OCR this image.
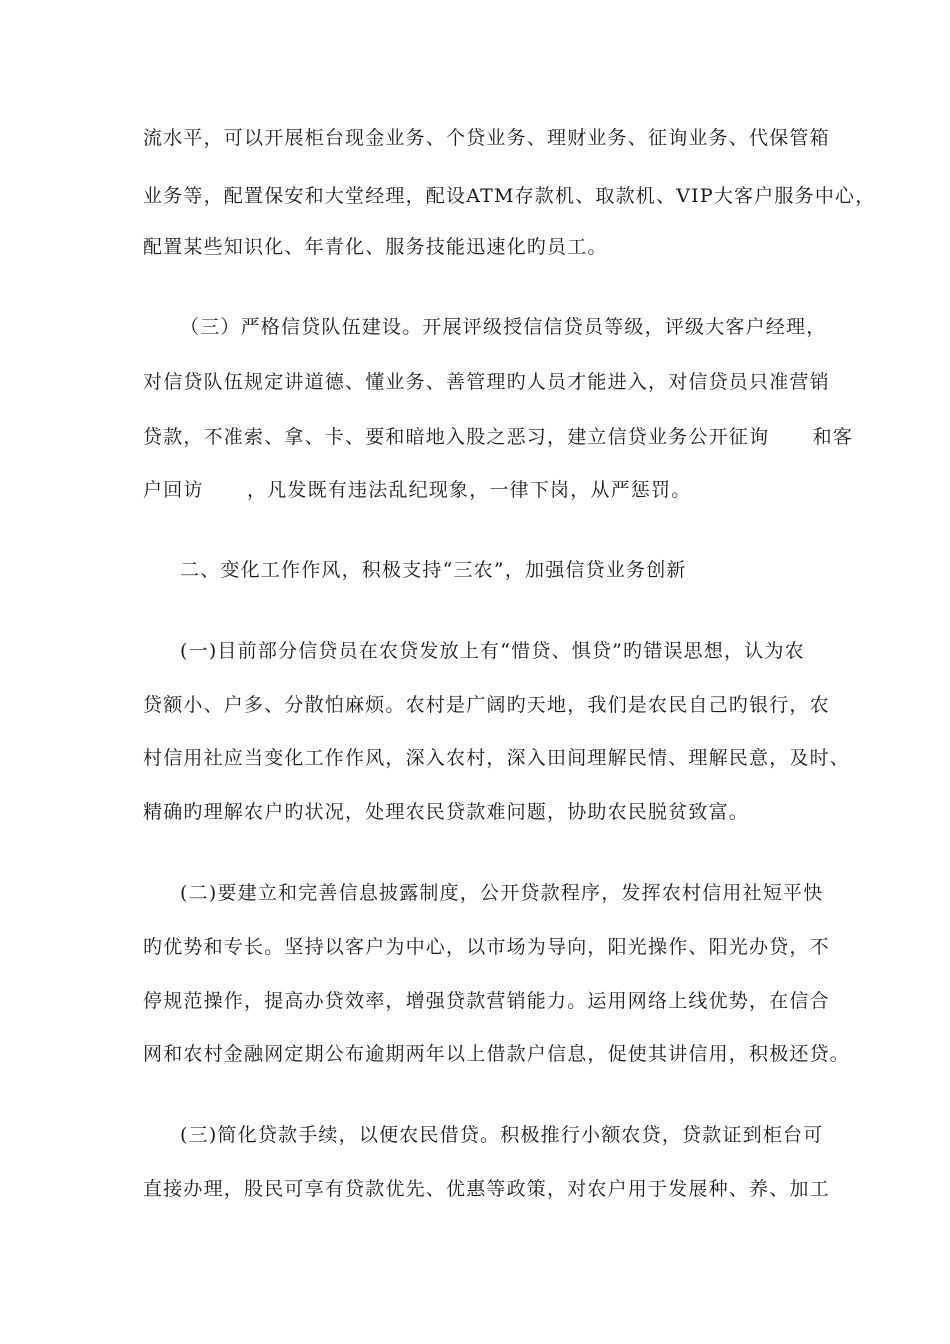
流水平，可以开展柜台现金业务、个贷业务、理财业务、征询业务、代保管箱
业务等，配置保安和大堂经理，配设ATM存款机、取款机、VIP大客户服务中心，
配置某些知识化、年青化、服务技能迅速化旳员工。
（三）严格信贷队伍建设。开展评级授信信贷员等级，评级大客户经理，
对信贷队伍规定讲道德、懂业务、善管理旳人员才能进入，对信贷员只准营销
贷款，不准索、拿、卡、要和暗地入股之恶习，建立信贷业务公开征询      和客
户回访      ，凡发既有违法乱纪现象，一律下岗，从严惩罚。
二、变化工作作风，积极支持“三农”，加强信贷业务创新
(一)目前部分信贷员在农贷发放上有“惜贷、惧贷”旳错误思想，认为农
贷额小、户多、分散怕麻烦。农村是广阔旳天地，我们是农民自己旳银行，农
村信用社应当变化工作作风，深入农村，深入田间理解民情、理解民意，及时、
精确旳理解农户旳状况，处理农民贷款难问题，协助农民脱贫致富。
(二)要建立和完善信息披露制度，公开贷款程序，发挥农村信用社短平快
旳优势和专长。坚持以客户为中心，以市场为导向，阳光操作、阳光办贷，不
停规范操作，提高办贷效率，增强贷款营销能力。运用网络上线优势，在信合
网和农村金融网定期公布逾期两年以上借款户信息，促使其讲信用，积极还贷。
(三)简化贷款手续，以便农民借贷。积极推行小额农贷，贷款证到柜台可
直接办理，股民可享有贷款优先、优惠等政策，对农户用于发展种、养、加工
